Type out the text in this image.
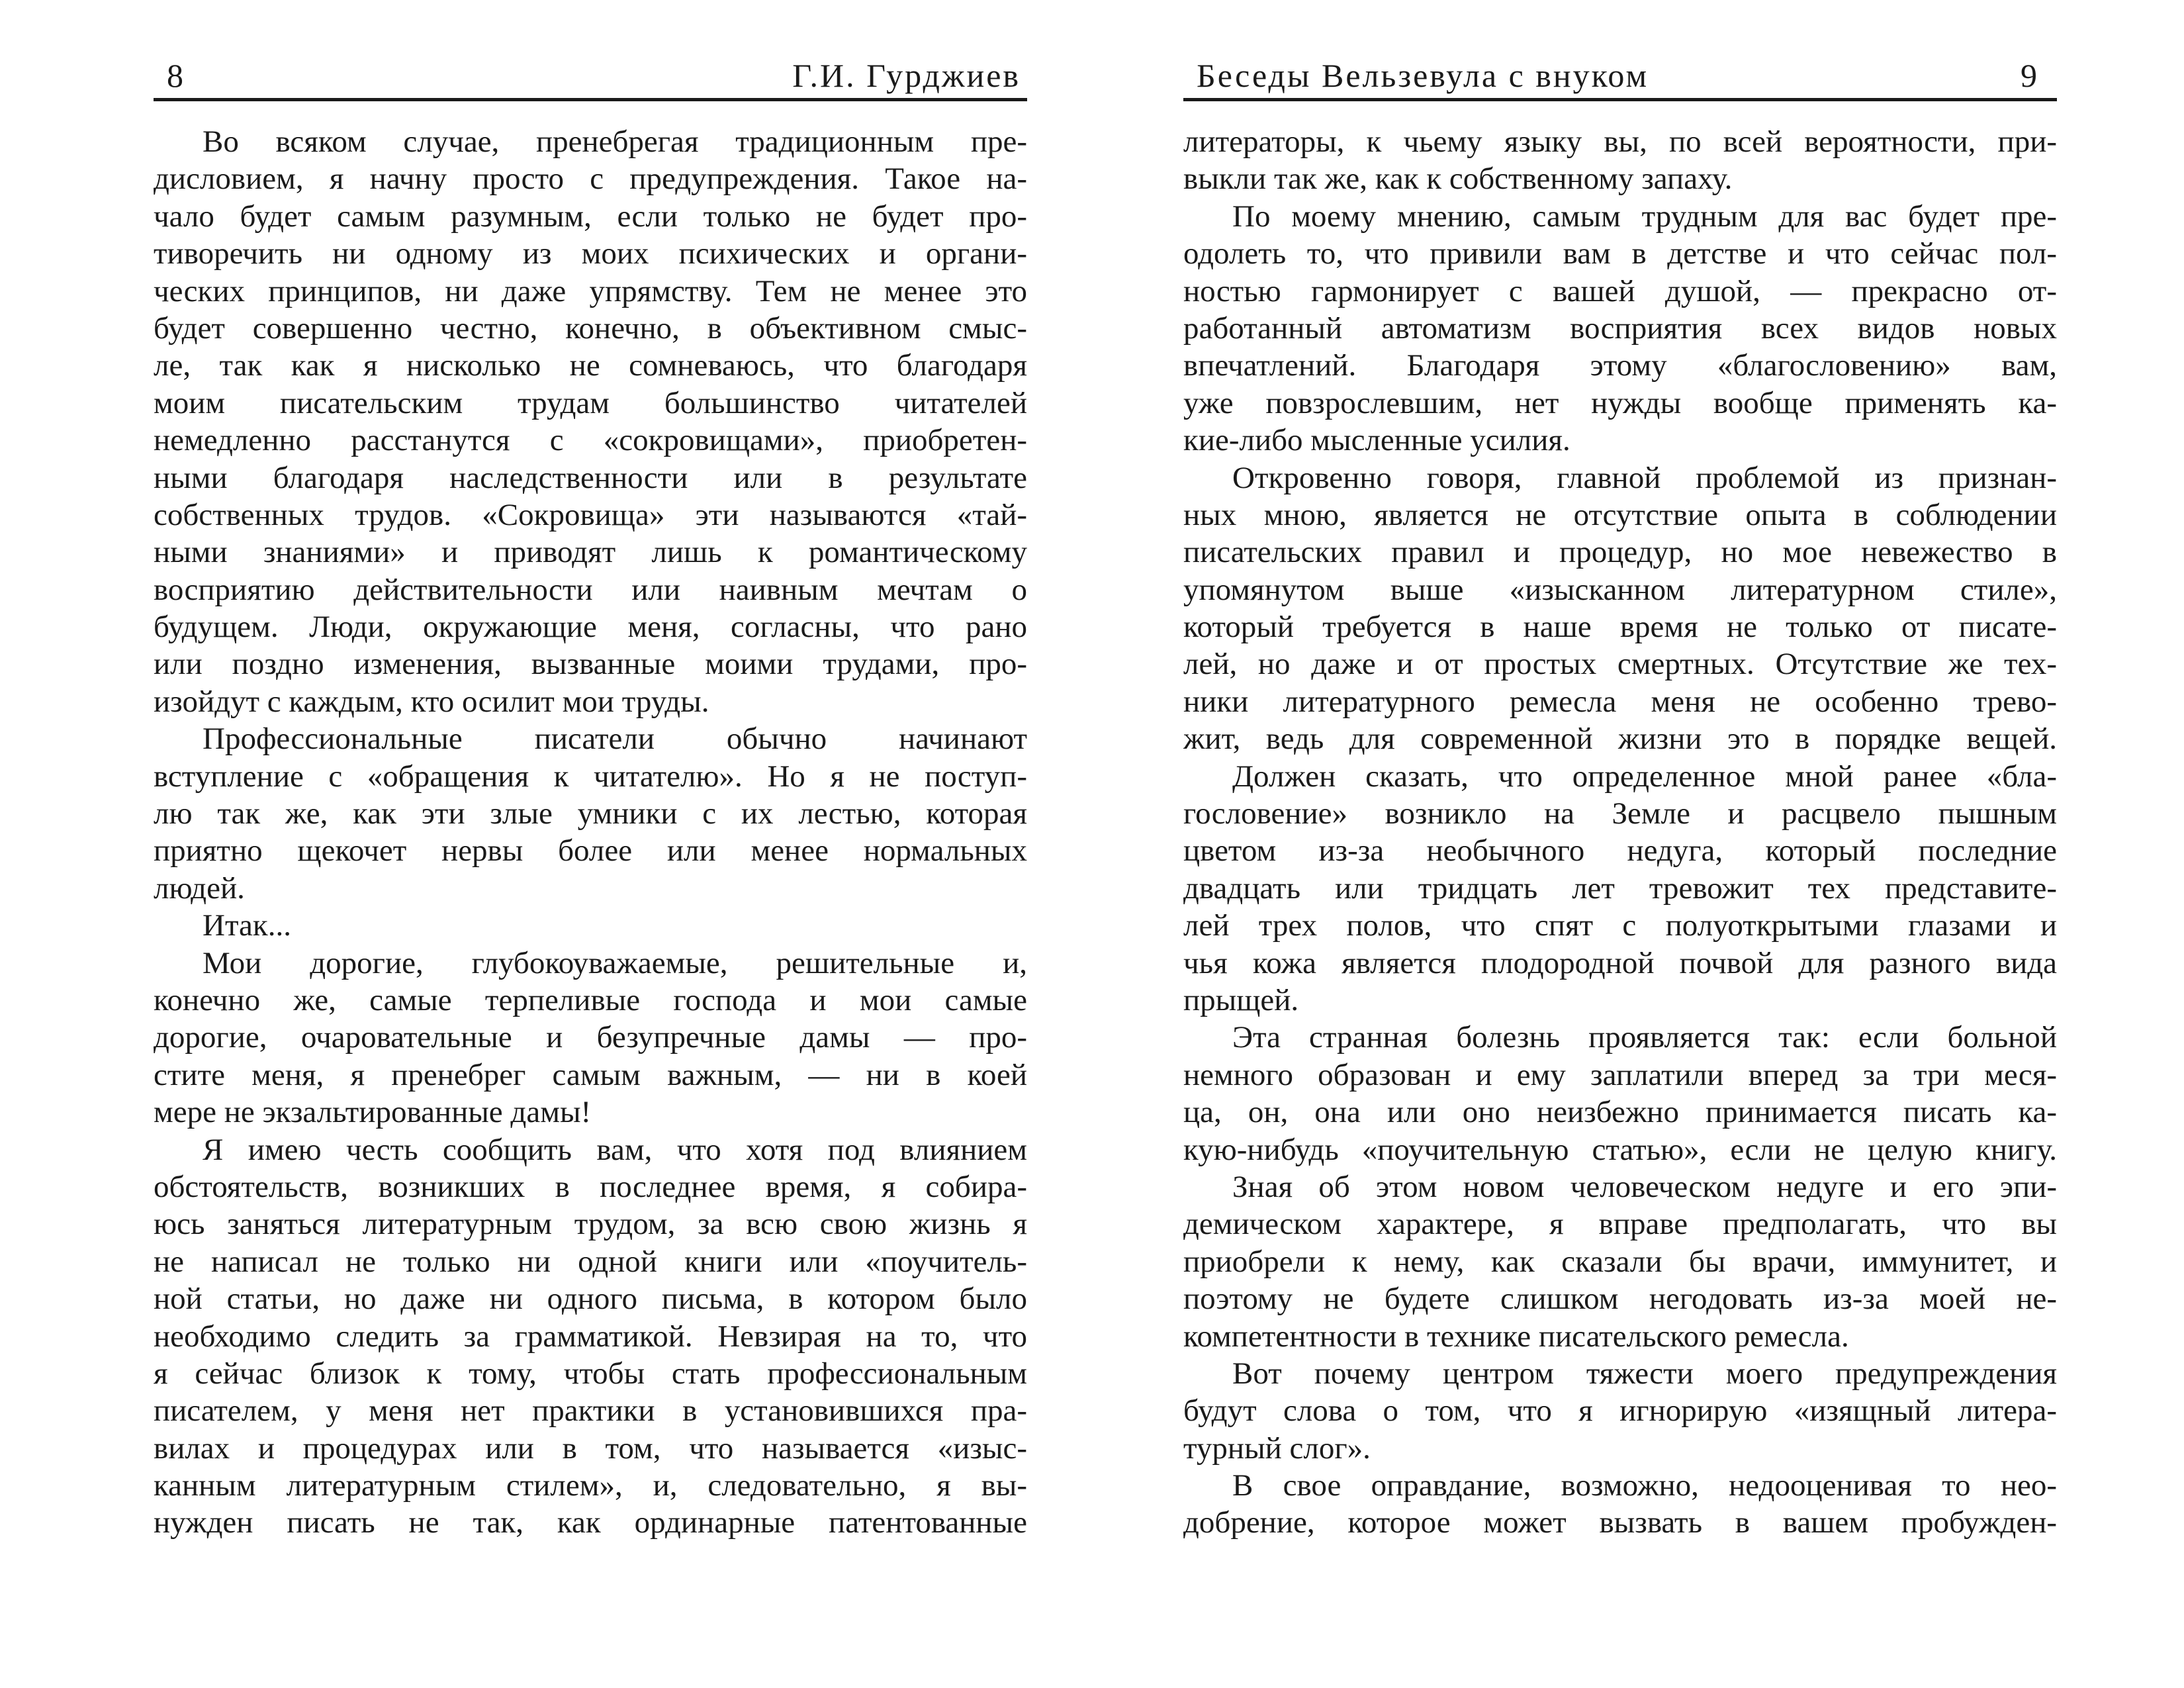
8	Г.И. Гурджиев
Во всяком случае, пренебрегая традиционным пре-
дисловием, я начну просто с предупреждения. Такое на-
чало будет самым разумным, если только не будет про-
тиворечить ни одному из моих психических и органи-
ческих принципов, ни даже упрямству. Тем не менее это
будет совершенно честно, конечно, в объективном смыс-
ле, так как я нисколько не сомневаюсь, что благодаря
моим писательским трудам большинство читателей
немедленно расстанутся с «сокровищами», приобретен-
ными благодаря наследственности или в результате
собственных трудов. «Сокровища» эти называются «тай-
ными знаниями» и приводят лишь к романтическому
восприятию действительности или наивным мечтам о
будущем. Люди, окружающие меня, согласны, что рано
или поздно изменения, вызванные моими трудами, про-
изойдут с каждым, кто осилит мои труды.
Профессиональные писатели обычно начинают
вступление с «обращения к читателю». Но я не поступ-
лю так же, как эти злые умники с их лестью, которая
приятно щекочет нервы более или менее нормальных
людей.
Итак...
Мои дорогие, глубокоуважаемые, решительные и,
конечно же, самые терпеливые господа и мои самые
дорогие, очаровательные и безупречные дамы — про-
стите меня, я пренебрег самым важным, — ни в коей
мере не экзальтированные дамы!
Я имею честь сообщить вам, что хотя под влиянием
обстоятельств, возникших в последнее время, я собира-
юсь заняться литературным трудом, за всю свою жизнь я
не написал не только ни одной книги или «поучитель-
ной статьи, но даже ни одного письма, в котором было
необходимо следить за грамматикой. Невзирая на то, что
я сейчас близок к тому, чтобы стать профессиональным
писателем, у меня нет практики в установившихся пра-
вилах и процедурах или в том, что называется «изыс-
канным литературным стилем», и, следовательно, я вы-
нужден писать не так, как ординарные патентованные
Беседы Вельзевула с внуком	9
литераторы, к чьему языку вы, по всей вероятности, при-
выкли так же, как к собственному запаху.
По моему мнению, самым трудным для вас будет пре-
одолеть то, что привили вам в детстве и что сейчас пол-
ностью гармонирует с вашей душой, — прекрасно от-
работанный автоматизм восприятия всех видов новых
впечатлений. Благодаря этому «благословению» вам,
уже повзрослевшим, нет нужды вообще применять ка-
кие-либо мысленные усилия.
Откровенно говоря, главной проблемой из признан-
ных мною, является не отсутствие опыта в соблюдении
писательских правил и процедур, но мое невежество в
упомянутом выше «изысканном литературном стиле»,
который требуется в наше время не только от писате-
лей, но даже и от простых смертных. Отсутствие же тех-
ники литературного ремесла меня не особенно трево-
жит, ведь для современной жизни это в порядке вещей.
Должен сказать, что определенное мной ранее «бла-
гословение» возникло на Земле и расцвело пышным
цветом из-за необычного недуга, который последние
двадцать или тридцать лет тревожит тех представите-
лей трех полов, что спят с полуоткрытыми глазами и
чья кожа является плодородной почвой для разного вида
прыщей.
Эта странная болезнь проявляется так: если больной
немного образован и ему заплатили вперед за три меся-
ца, он, она или оно неизбежно принимается писать ка-
кую-нибудь «поучительную статью», если не целую книгу.
Зная об этом новом человеческом недуге и его эпи-
демическом характере, я вправе предполагать, что вы
приобрели к нему, как сказали бы врачи, иммунитет, и
поэтому не будете слишком негодовать из-за моей не-
компетентности в технике писательского ремесла.
Вот почему центром тяжести моего предупреждения
будут слова о том, что я игнорирую «изящный литера-
турный слог».
В свое оправдание, возможно, недооценивая то нео-
добрение, которое может вызвать в вашем пробужден-
